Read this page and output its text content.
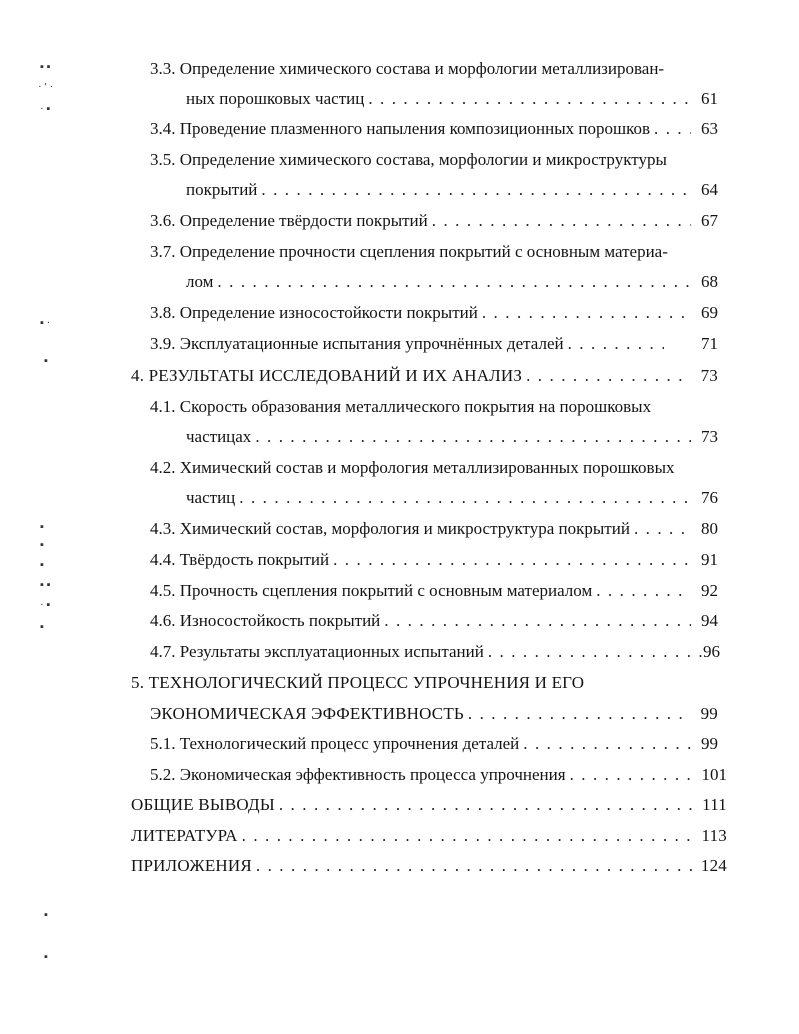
3.3. Определение химического состава и морфологии металлизирован-
ных порошковых частиц . . .	61
3.4. Проведение плазменного напыления композиционных порошков . . .	63
3.5. Определение химического состава, морфологии и микроструктуры
покрытий . . .	64
3.6. Определение твёрдости покрытий . . .	67
3.7. Определение прочности сцепления покрытий с основным материа-
лом . . .	68
3.8. Определение износостойкости покрытий . . .	69
3.9. Эксплуатационные испытания упрочнённых деталей . . .	71
4. РЕЗУЛЬТАТЫ ИССЛЕДОВАНИЙ И ИХ АНАЛИЗ . . .	73
4.1. Скорость образования металлического покрытия на порошковых
частицах . . .	73
4.2. Химический состав и морфология металлизированных порошковых
частиц . . .	76
4.3. Химический состав, морфология и микроструктура покрытий . . .	80
4.4. Твёрдость покрытий . . .	91
4.5. Прочность сцепления покрытий с основным материалом . . .	92
4.6. Износостойкость покрытий . . .	94
4.7. Результаты эксплуатационных испытаний . . .	96
5. ТЕХНОЛОГИЧЕСКИЙ ПРОЦЕСС УПРОЧНЕНИЯ И ЕГО
ЭКОНОМИЧЕСКАЯ ЭФФЕКТИВНОСТЬ . . .	99
5.1. Технологический процесс упрочнения деталей . . .	99
5.2. Экономическая эффективность процесса упрочнения . . .	101
ОБЩИЕ ВЫВОДЫ . . .	111
ЛИТЕРАТУРА . . .	113
ПРИЛОЖЕНИЯ . . .	124
▪ ▪
· ′ ·
· ▪
▪ ·
▪
▪
▪
▪
▪ ▪
· ▪
▪
▪
▪
